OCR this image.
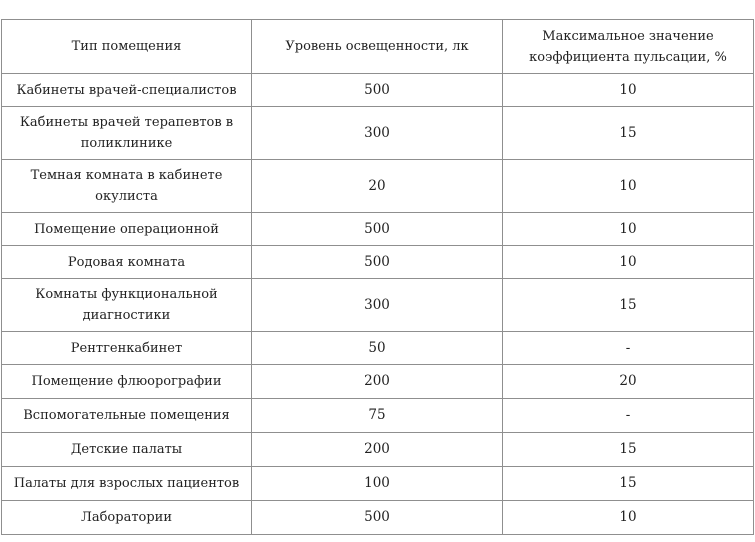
Тип помещения	Уровень освещенности, лк	Максимальное значение коэффициента пульсации, %
Кабинеты врачей-специалистов	500	10
Кабинеты врачей терапевтов в поликлинике	300	15
Темная комната в кабинете окулиста	20	10
Помещение операционной	500	10
Родовая комната	500	10
Комнаты функциональной диагностики	300	15
Рентгенкабинет	50	-
Помещение флюорографии	200	20
Вспомогательные помещения	75	-
Детские палаты	200	15
Палаты для взрослых пациентов	100	15
Лаборатории	500	10
